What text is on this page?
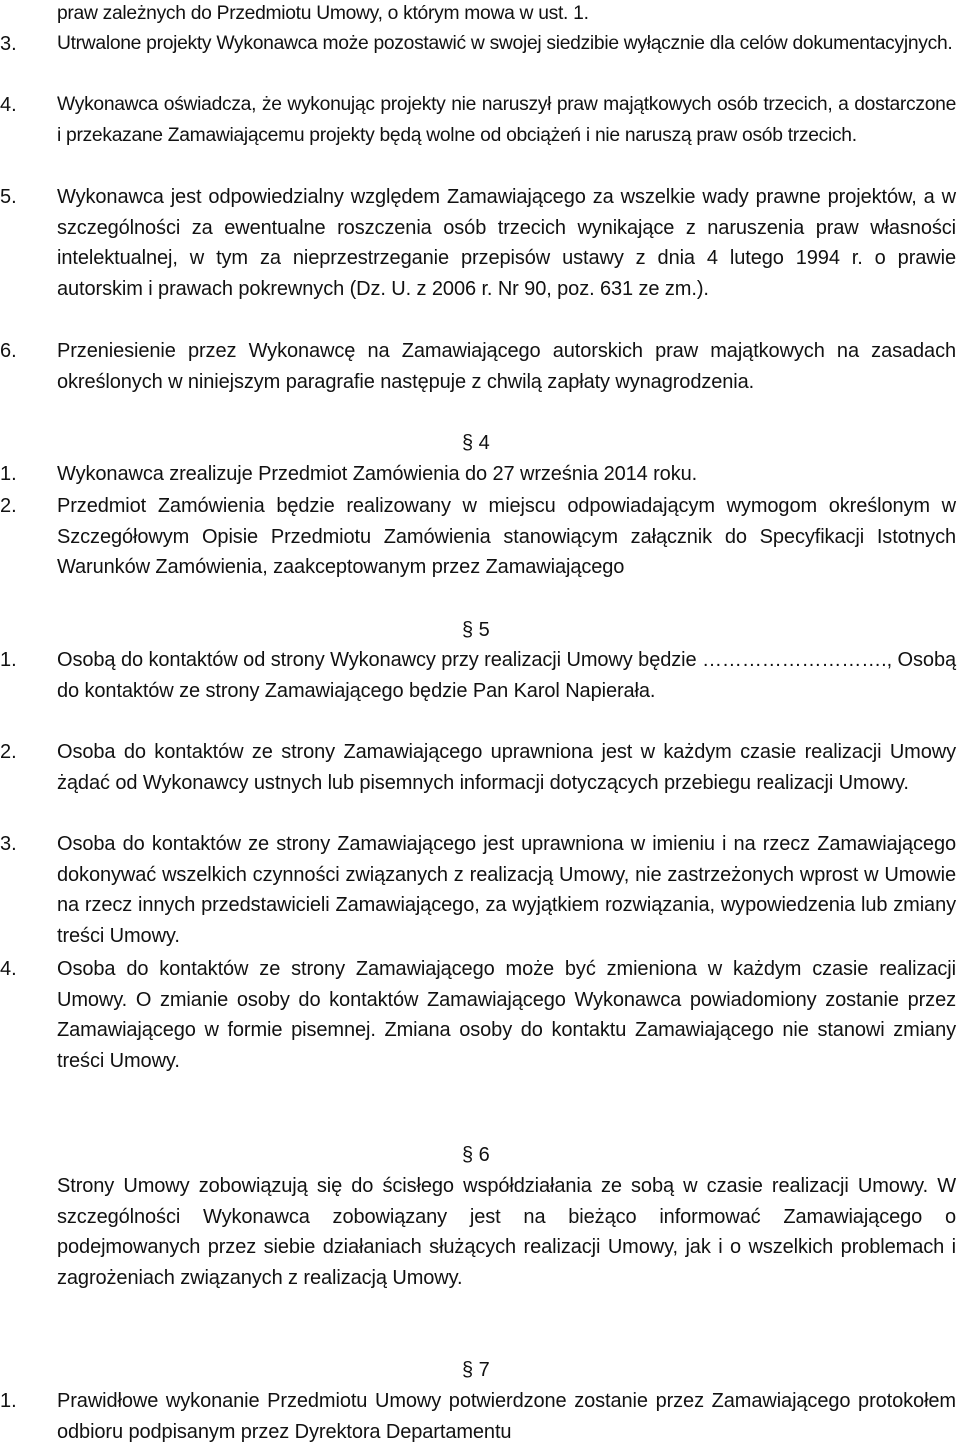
praw zależnych do Przedmiotu Umowy, o którym mowa w ust. 1.
3. Utrwalone projekty Wykonawca może pozostawić w swojej siedzibie wyłącznie dla celów dokumentacyjnych.
4. Wykonawca oświadcza, że wykonując projekty nie naruszył praw majątkowych osób trzecich, a dostarczone i przekazane Zamawiającemu projekty będą wolne od obciążeń i nie naruszą praw osób trzecich.
5. Wykonawca jest odpowiedzialny względem Zamawiającego za wszelkie wady prawne projektów, a w szczególności za ewentualne roszczenia osób trzecich wynikające z naruszenia praw własności intelektualnej, w tym za nieprzestrzeganie przepisów ustawy z dnia 4 lutego 1994 r. o prawie autorskim i prawach pokrewnych (Dz. U. z 2006 r. Nr 90, poz. 631 ze zm.).
6. Przeniesienie przez Wykonawcę na Zamawiającego autorskich praw majątkowych na zasadach określonych w niniejszym paragrafie następuje z chwilą zapłaty wynagrodzenia.
§ 4
1. Wykonawca zrealizuje Przedmiot Zamówienia do 27 września 2014 roku.
2. Przedmiot Zamówienia będzie realizowany w miejscu odpowiadającym wymogom określonym w Szczegółowym Opisie Przedmiotu Zamówienia stanowiącym załącznik do Specyfikacji Istotnych Warunków Zamówienia, zaakceptowanym przez Zamawiającego
§ 5
1. Osobą do kontaktów od strony Wykonawcy przy realizacji Umowy będzie ………………………., Osobą do kontaktów ze strony Zamawiającego będzie Pan Karol Napierała.
2. Osoba do kontaktów ze strony Zamawiającego uprawniona jest w każdym czasie realizacji Umowy żądać od Wykonawcy ustnych lub pisemnych informacji dotyczących przebiegu realizacji Umowy.
3. Osoba do kontaktów ze strony Zamawiającego jest uprawniona w imieniu i na rzecz Zamawiającego dokonywać wszelkich czynności związanych z realizacją Umowy, nie zastrzeżonych wprost w Umowie na rzecz innych przedstawicieli Zamawiającego, za wyjątkiem rozwiązania, wypowiedzenia lub zmiany treści Umowy.
4. Osoba do kontaktów ze strony Zamawiającego może być zmieniona w każdym czasie realizacji Umowy. O zmianie osoby do kontaktów Zamawiającego Wykonawca powiadomiony zostanie przez Zamawiającego w formie pisemnej. Zmiana osoby do kontaktu Zamawiającego nie stanowi zmiany treści Umowy.
§ 6
Strony Umowy zobowiązują się do ścisłego współdziałania ze sobą w czasie realizacji Umowy. W szczególności Wykonawca zobowiązany jest na bieżąco informować Zamawiającego o podejmowanych przez siebie działaniach służących realizacji Umowy, jak i o wszelkich problemach i zagrożeniach związanych z realizacją Umowy.
§ 7
1. Prawidłowe wykonanie Przedmiotu Umowy potwierdzone zostanie przez Zamawiającego protokołem odbioru podpisanym przez Dyrektora Departamentu
